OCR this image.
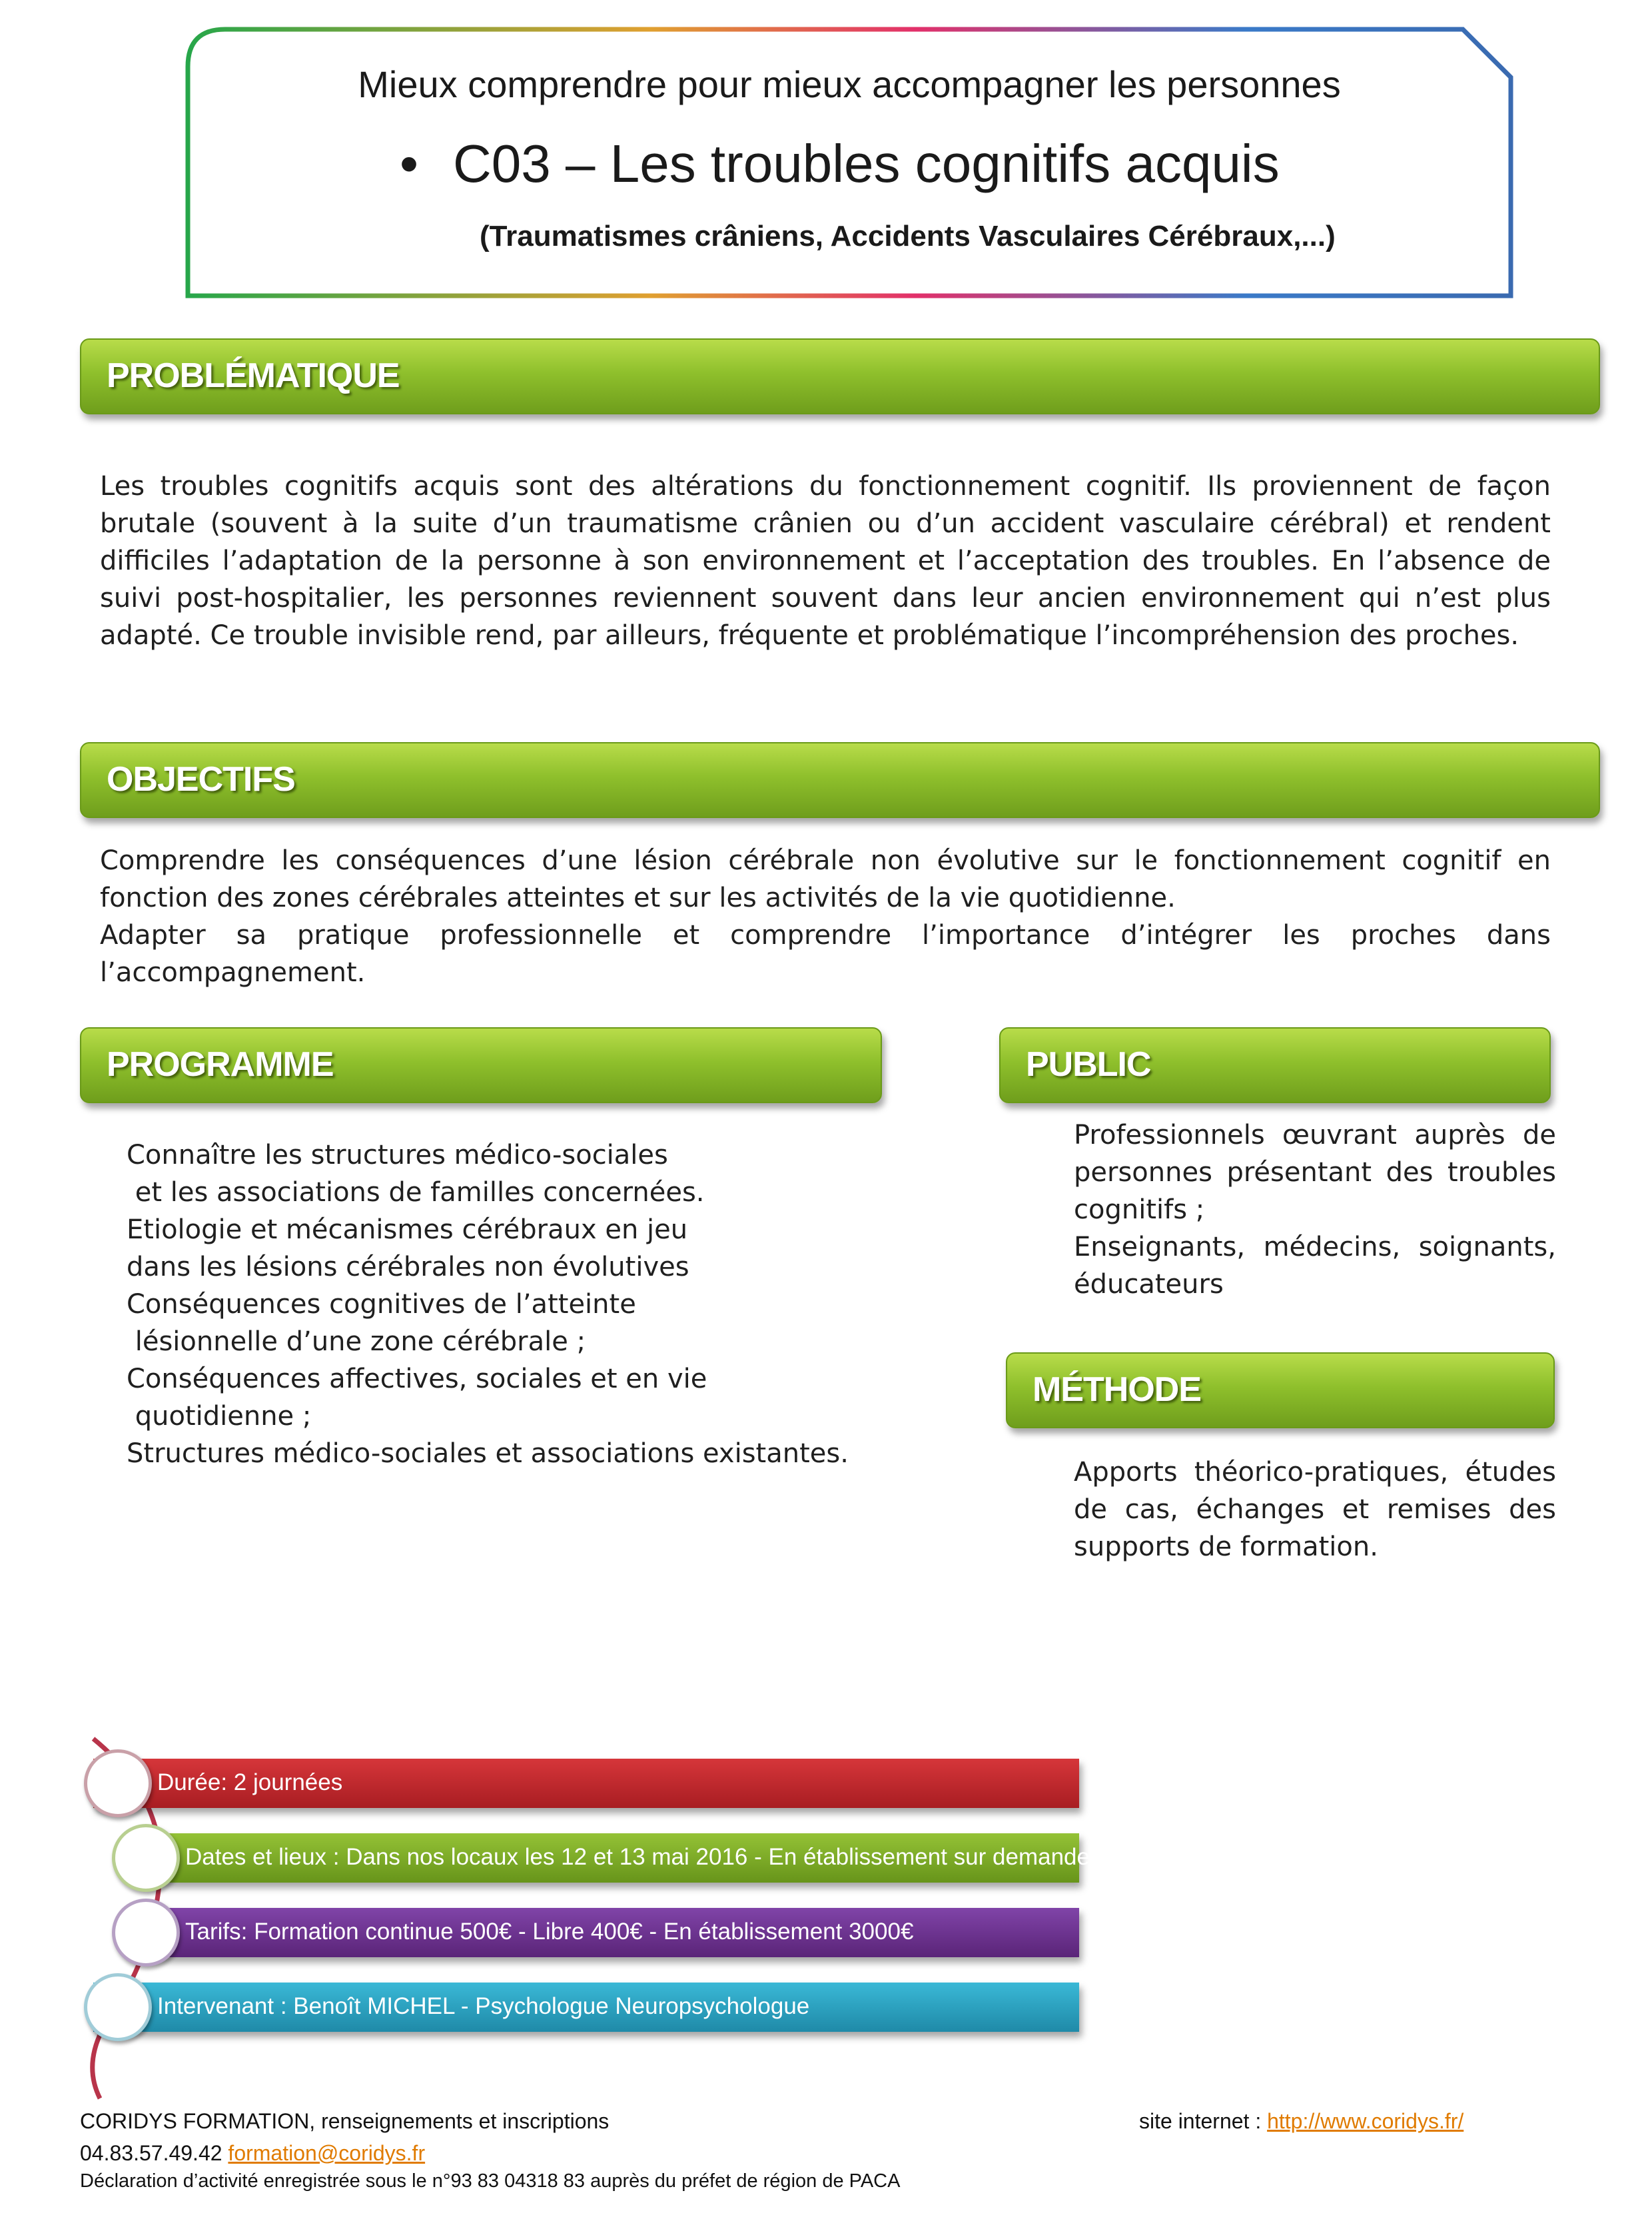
Mieux comprendre pour mieux accompagner les personnes
• C03 – Les troubles cognitifs acquis
(Traumatismes crâniens, Accidents Vasculaires Cérébraux,...)
PROBLÉMATIQUE

Les troubles cognitifs acquis sont des altérations du fonctionnement cognitif. Ils proviennent de façon brutale (souvent à la suite d’un traumatisme crânien ou d’un accident vasculaire cérébral) et rendent difficiles l’adaptation de la personne à son environnement et l’acceptation des troubles. En l’absence de suivi post-hospitalier, les personnes reviennent souvent dans leur ancien environnement qui n’est plus adapté. Ce trouble invisible rend, par ailleurs, fréquente et problématique l’incompréhension des proches.

OBJECTIFS

Comprendre les conséquences d’une lésion cérébrale non évolutive sur le fonctionnement cognitif en fonction des zones cérébrales atteintes et sur les activités de la vie quotidienne.

Adapter sa pratique professionnelle et comprendre l’importance d’intégrer les proches dans l’accompagnement.

PROGRAMME
Connaître les structures médico-sociales
et les associations de familles concernées.
Etiologie et mécanismes cérébraux en jeu
dans les lésions cérébrales non évolutives
Conséquences cognitives de l’atteinte
lésionnelle d’une zone cérébrale ;
Conséquences affectives, sociales et en vie
quotidienne ;
Structures médico-sociales et associations existantes.
PUBLIC

Professionnels œuvrant auprès de personnes présentant des troubles cognitifs ;

Enseignants, médecins, soignants, éducateurs

MÉTHODE

Apports théorico-pratiques, études de cas, échanges et remises des supports de formation.

Durée: 2 journées
Dates et lieux : Dans nos locaux les 12 et 13 mai 2016 - En établissement sur demande
Tarifs: Formation continue 500€ - Libre 400€ - En établissement 3000€
Intervenant : Benoît MICHEL - Psychologue Neuropsychologue
CORIDYS FORMATION, renseignements et inscriptions
04.83.57.49.42 formation@coridys.fr
Déclaration d’activité enregistrée sous le n°93 83 04318 83 auprès du préfet de région de PACA
site internet : http://www.coridys.fr/
